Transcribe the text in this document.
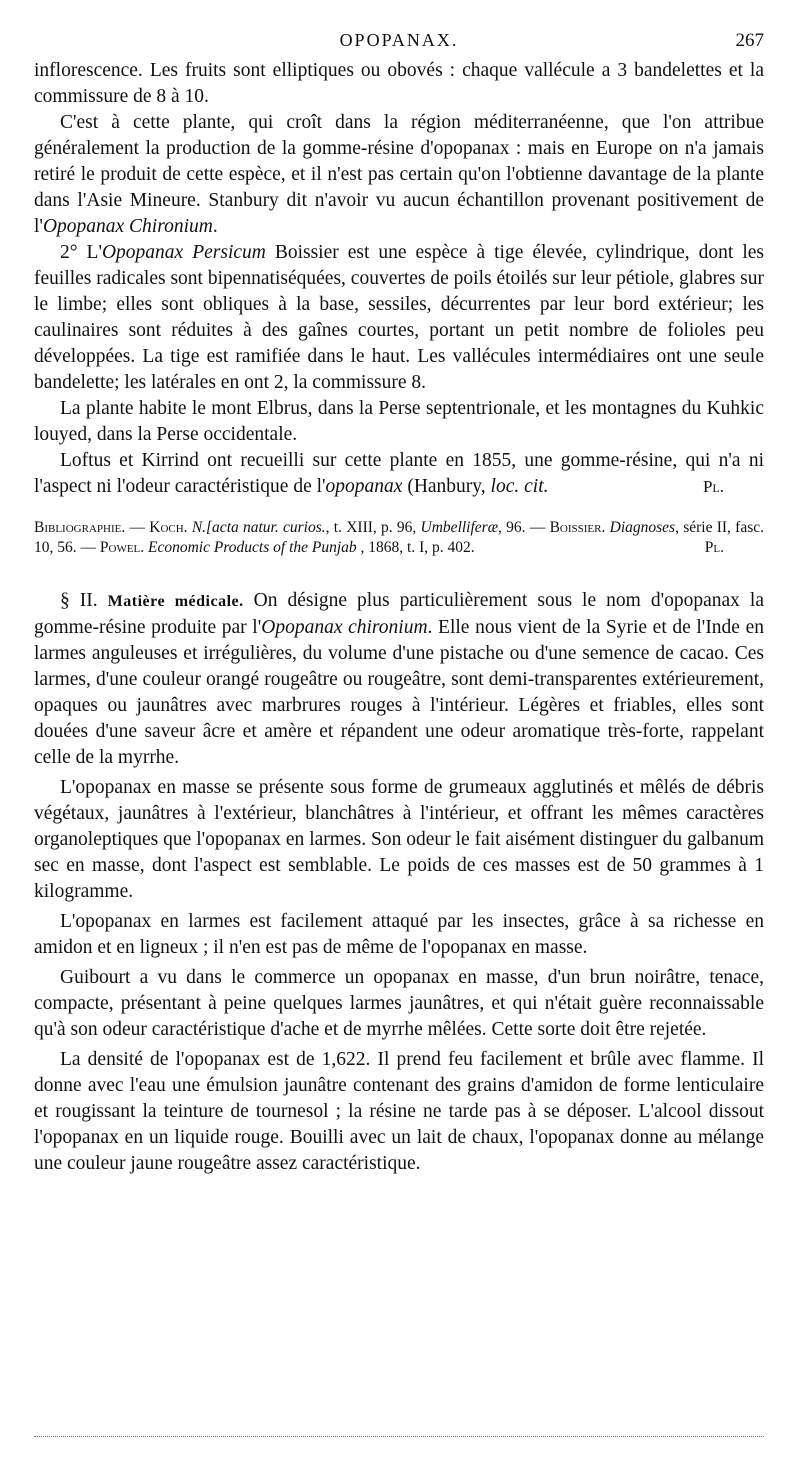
OPOPANAX.	267

inflorescence. Les fruits sont elliptiques ou obovés : chaque vallécule a 3 bandelettes et la commissure de 8 à 10.

C'est à cette plante, qui croît dans la région méditerranéenne, que l'on attribue généralement la production de la gomme-résine d'opopanax : mais en Europe on n'a jamais retiré le produit de cette espèce, et il n'est pas certain qu'on l'obtienne davantage de la plante dans l'Asie Mineure. Stanbury dit n'avoir vu aucun échantillon provenant positivement de l'Opopanax Chironium.

2° L'Opopanax Persicum Boissier est une espèce à tige élevée, cylindrique, dont les feuilles radicales sont bipennatiséquées, couvertes de poils étoilés sur leur pétiole, glabres sur le limbe; elles sont obliques à la base, sessiles, décurrentes par leur bord extérieur; les caulinaires sont réduites à des gaînes courtes, portant un petit nombre de folioles peu développées. La tige est ramifiée dans le haut. Les vallécules intermédiaires ont une seule bandelette; les latérales en ont 2, la commissure 8.

La plante habite le mont Elbrus, dans la Perse septentrionale, et les montagnes du Kuhkic louyed, dans la Perse occidentale.

Loftus et Kirrind ont recueilli sur cette plante en 1855, une gomme-résine, qui n'a ni l'aspect ni l'odeur caractéristique de l'opopanax (Hanbury, loc. cit.	Pl.

Bibliographie. — Koch. N.[acta natur. curios., t. XIII, p. 96, Umbelliferæ, 96. — Boissier. Diagnoses, série II, fasc. 10, 56. — Powel. Economic Products of the Punjab , 1868, t. I, p. 402.	Pl.

§ II. Matière médicale. On désigne plus particulièrement sous le nom d'opopanax la gomme-résine produite par l'Opopanax chironium. Elle nous vient de la Syrie et de l'Inde en larmes anguleuses et irrégulières, du volume d'une pistache ou d'une semence de cacao. Ces larmes, d'une couleur orangé rougeâtre ou rougeâtre, sont demi-transparentes extérieurement, opaques ou jaunâtres avec marbrures rouges à l'intérieur. Légères et friables, elles sont douées d'une saveur âcre et amère et répandent une odeur aromatique très-forte, rappelant celle de la myrrhe.

L'opopanax en masse se présente sous forme de grumeaux agglutinés et mêlés de débris végétaux, jaunâtres à l'extérieur, blanchâtres à l'intérieur, et offrant les mêmes caractères organoleptiques que l'opopanax en larmes. Son odeur le fait aisément distinguer du galbanum sec en masse, dont l'aspect est semblable. Le poids de ces masses est de 50 grammes à 1 kilogramme.

L'opopanax en larmes est facilement attaqué par les insectes, grâce à sa richesse en amidon et en ligneux ; il n'en est pas de même de l'opopanax en masse.

Guibourt a vu dans le commerce un opopanax en masse, d'un brun noirâtre, tenace, compacte, présentant à peine quelques larmes jaunâtres, et qui n'était guère reconnaissable qu'à son odeur caractéristique d'ache et de myrrhe mêlées. Cette sorte doit être rejetée.

La densité de l'opopanax est de 1,622. Il prend feu facilement et brûle avec flamme. Il donne avec l'eau une émulsion jaunâtre contenant des grains d'amidon de forme lenticulaire et rougissant la teinture de tournesol ; la résine ne tarde pas à se déposer. L'alcool dissout l'opopanax en un liquide rouge. Bouilli avec un lait de chaux, l'opopanax donne au mélange une couleur jaune rougeâtre assez caractéristique.
